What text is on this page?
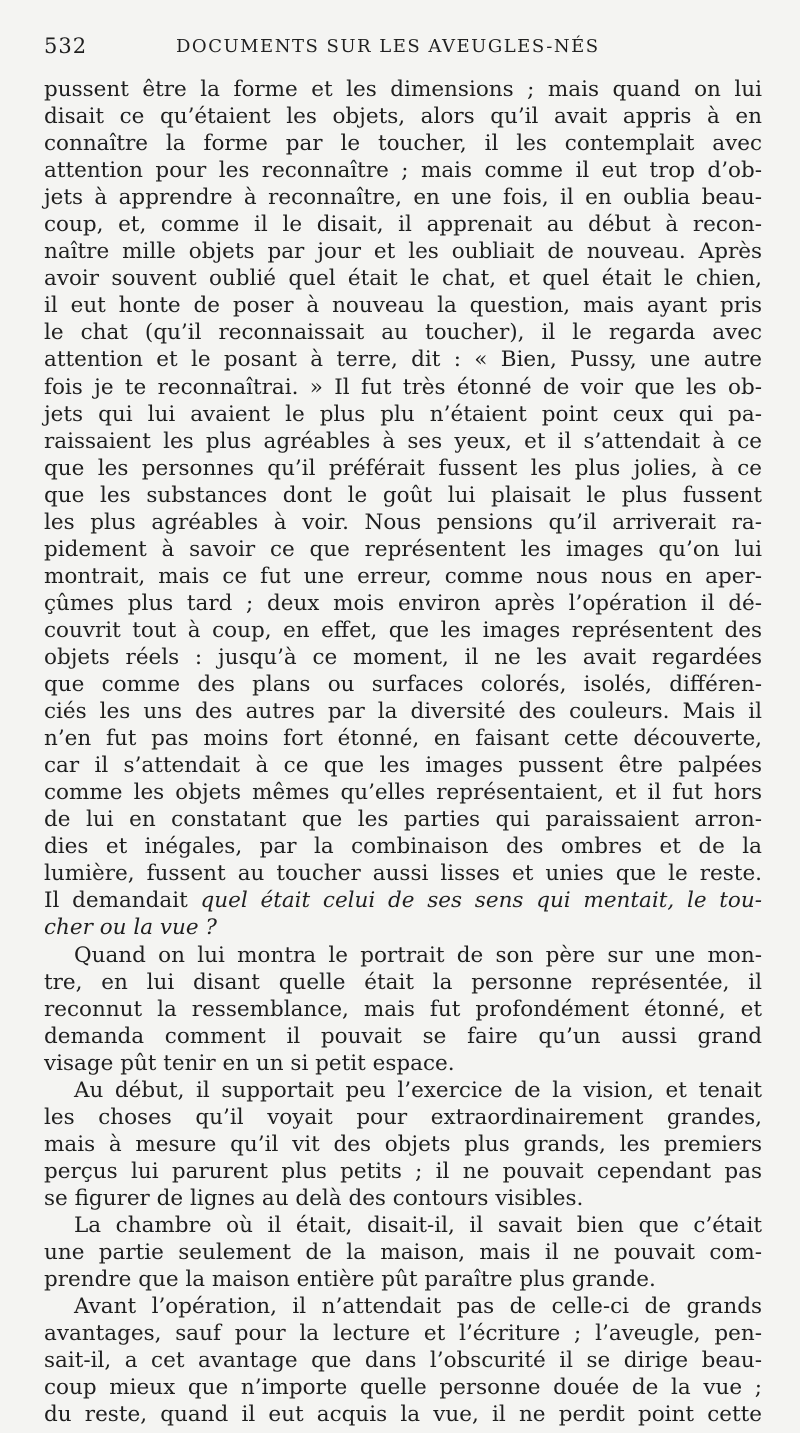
532	DOCUMENTS SUR LES AVEUGLES-NÉS
pussent être la forme et les dimensions ; mais quand on lui
disait ce qu’étaient les objets, alors qu’il avait appris à en
connaître la forme par le toucher, il les contemplait avec
attention pour les reconnaître ; mais comme il eut trop d’ob-
jets à apprendre à reconnaître, en une fois, il en oublia beau-
coup, et, comme il le disait, il apprenait au début à recon-
naître mille objets par jour et les oubliait de nouveau. Après
avoir souvent oublié quel était le chat, et quel était le chien,
il eut honte de poser à nouveau la question, mais ayant pris
le chat (qu’il reconnaissait au toucher), il le regarda avec
attention et le posant à terre, dit : « Bien, Pussy, une autre
fois je te reconnaîtrai. » Il fut très étonné de voir que les ob-
jets qui lui avaient le plus plu n’étaient point ceux qui pa-
raissaient les plus agréables à ses yeux, et il s’attendait à ce
que les personnes qu’il préférait fussent les plus jolies, à ce
que les substances dont le goût lui plaisait le plus fussent
les plus agréables à voir. Nous pensions qu’il arriverait ra-
pidement à savoir ce que représentent les images qu’on lui
montrait, mais ce fut une erreur, comme nous nous en aper-
çûmes plus tard ; deux mois environ après l’opération il dé-
couvrit tout à coup, en effet, que les images représentent des
objets réels : jusqu’à ce moment, il ne les avait regardées
que comme des plans ou surfaces colorés, isolés, différen-
ciés les uns des autres par la diversité des couleurs. Mais il
n’en fut pas moins fort étonné, en faisant cette découverte,
car il s’attendait à ce que les images pussent être palpées
comme les objets mêmes qu’elles représentaient, et il fut hors
de lui en constatant que les parties qui paraissaient arron-
dies et inégales, par la combinaison des ombres et de la
lumière, fussent au toucher aussi lisses et unies que le reste.
Il demandait quel était celui de ses sens qui mentait, le tou-
cher ou la vue ?
Quand on lui montra le portrait de son père sur une mon-
tre, en lui disant quelle était la personne représentée, il
reconnut la ressemblance, mais fut profondément étonné, et
demanda comment il pouvait se faire qu’un aussi grand
visage pût tenir en un si petit espace.
Au début, il supportait peu l’exercice de la vision, et tenait
les choses qu’il voyait pour extraordinairement grandes,
mais à mesure qu’il vit des objets plus grands, les premiers
perçus lui parurent plus petits ; il ne pouvait cependant pas
se figurer de lignes au delà des contours visibles.
La chambre où il était, disait-il, il savait bien que c’était
une partie seulement de la maison, mais il ne pouvait com-
prendre que la maison entière pût paraître plus grande.
Avant l’opération, il n’attendait pas de celle-ci de grands
avantages, sauf pour la lecture et l’écriture ; l’aveugle, pen-
sait-il, a cet avantage que dans l’obscurité il se dirige beau-
coup mieux que n’importe quelle personne douée de la vue ;
du reste, quand il eut acquis la vue, il ne perdit point cette
